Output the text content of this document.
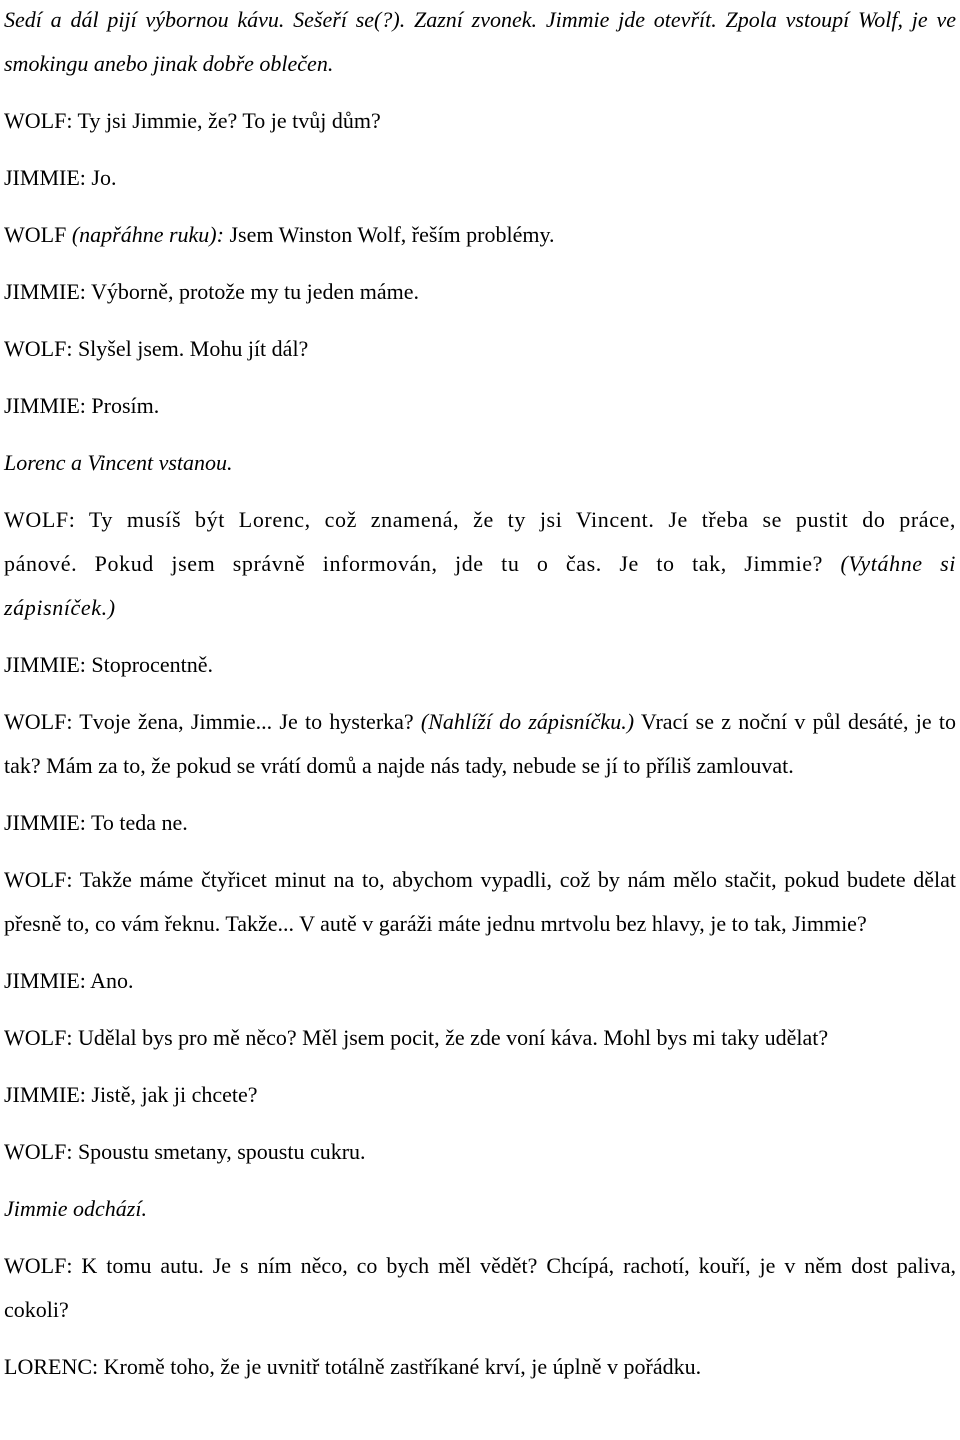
Sedí a dál pijí výbornou kávu. Sešeří se(?). Zazní zvonek. Jimmie jde otevřít. Zpola vstoupí Wolf, je ve smokingu anebo jinak dobře oblečen.

WOLF: Ty jsi Jimmie, že? To je tvůj dům?

JIMMIE: Jo.

WOLF (napřáhne ruku): Jsem Winston Wolf, řeším problémy.

JIMMIE: Výborně, protože my tu jeden máme.

WOLF: Slyšel jsem. Mohu jít dál?

JIMMIE: Prosím.

Lorenc a Vincent vstanou.

WOLF: Ty musíš být Lorenc, což znamená, že ty jsi Vincent. Je třeba se pustit do práce, pánové. Pokud jsem správně informován, jde tu o čas. Je to tak, Jimmie? (Vytáhne si zápisníček.)

JIMMIE: Stoprocentně.

WOLF: Tvoje žena, Jimmie... Je to hysterka? (Nahlíží do zápisníčku.) Vrací se z noční v půl desáté, je to tak? Mám za to, že pokud se vrátí domů a najde nás tady, nebude se jí to příliš zamlouvat.

JIMMIE: To teda ne.

WOLF: Takže máme čtyřicet minut na to, abychom vypadli, což by nám mělo stačit, pokud budete dělat přesně to, co vám řeknu. Takže... V autě v garáži máte jednu mrtvolu bez hlavy, je to tak, Jimmie?

JIMMIE: Ano.

WOLF: Udělal bys pro mě něco? Měl jsem pocit, že zde voní káva. Mohl bys mi taky udělat?

JIMMIE: Jistě, jak ji chcete?

WOLF: Spoustu smetany, spoustu cukru.

Jimmie odchází.

WOLF: K tomu autu. Je s ním něco, co bych měl vědět? Chcípá, rachotí, kouří, je v něm dost paliva, cokoli?

LORENC: Kromě toho, že je uvnitř totálně zastříkané krví, je úplně v pořádku.
